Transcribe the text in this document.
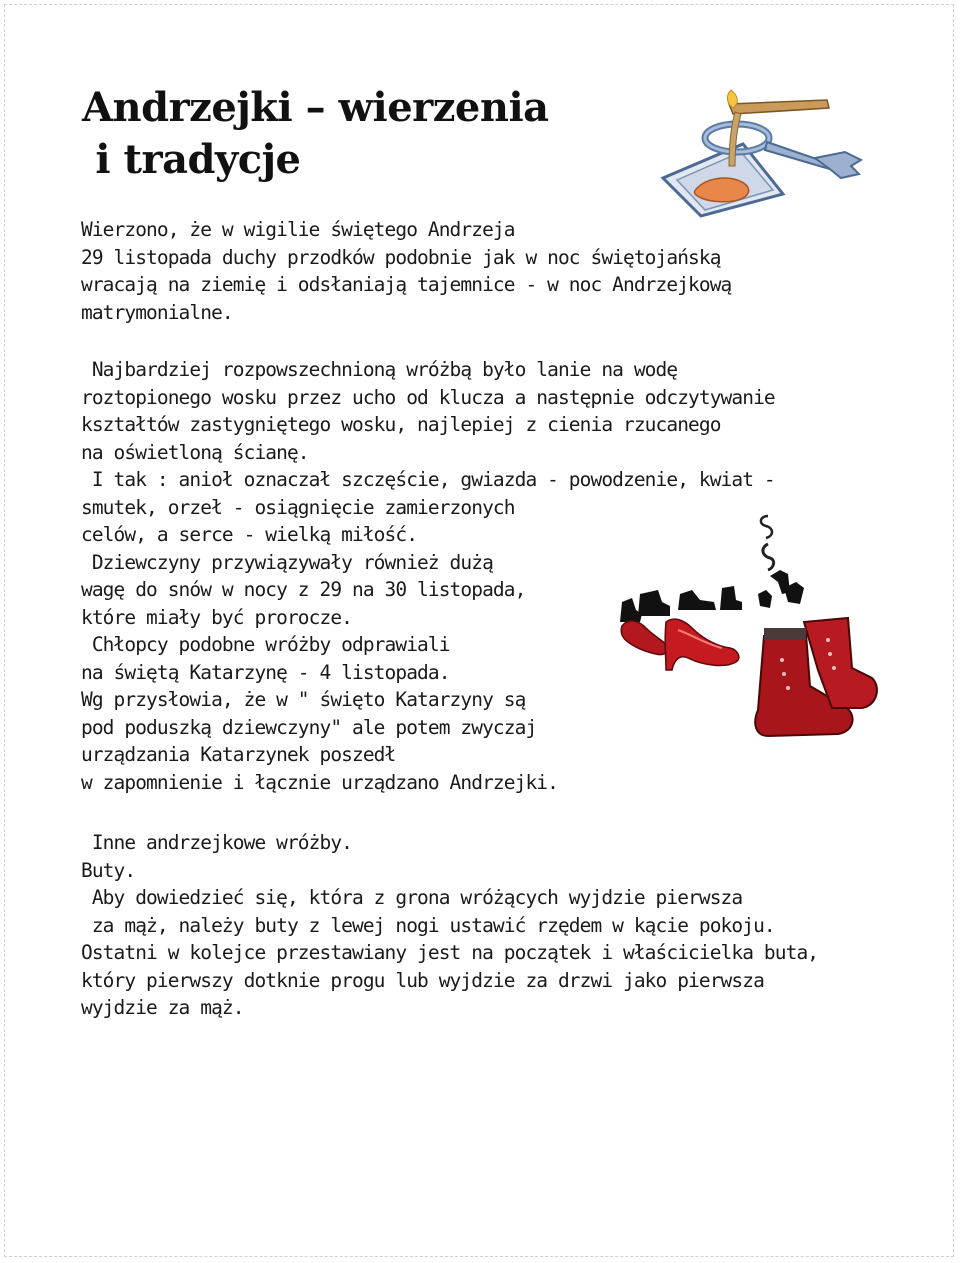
Andrzejki – wierzenia
i tradycje
Wierzono, że w wigilie świętego Andrzeja
29 listopada duchy przodków podobnie jak w noc świętojańską
wracają na ziemię i odsłaniają tajemnice - w noc Andrzejkową
matrymonialne.
Najbardziej rozpowszechnioną wróżbą było lanie na wodę
roztopionego wosku przez ucho od klucza a następnie odczytywanie
kształtów zastygniętego wosku, najlepiej z cienia rzucanego
na oświetloną ścianę.
I tak : anioł oznaczał szczęście, gwiazda - powodzenie, kwiat -
smutek, orzeł - osiągnięcie zamierzonych
celów, a serce - wielką miłość.
Dziewczyny przywiązywały również dużą
wagę do snów w nocy z 29 na 30 listopada,
które miały być prorocze.
Chłopcy podobne wróżby odprawiali
na świętą Katarzynę - 4 listopada.
Wg przysłowia, że w " święto Katarzyny są
pod poduszką dziewczyny" ale potem zwyczaj
urządzania Katarzynek poszedł
w zapomnienie i łącznie urządzano Andrzejki.
Inne andrzejkowe wróżby.
Buty.
Aby dowiedzieć się, która z grona wróżących wyjdzie pierwsza
za mąż, należy buty z lewej nogi ustawić rzędem w kącie pokoju.
Ostatni w kolejce przestawiany jest na początek i właścicielka buta,
który pierwszy dotknie progu lub wyjdzie za drzwi jako pierwsza
wyjdzie za mąż.
